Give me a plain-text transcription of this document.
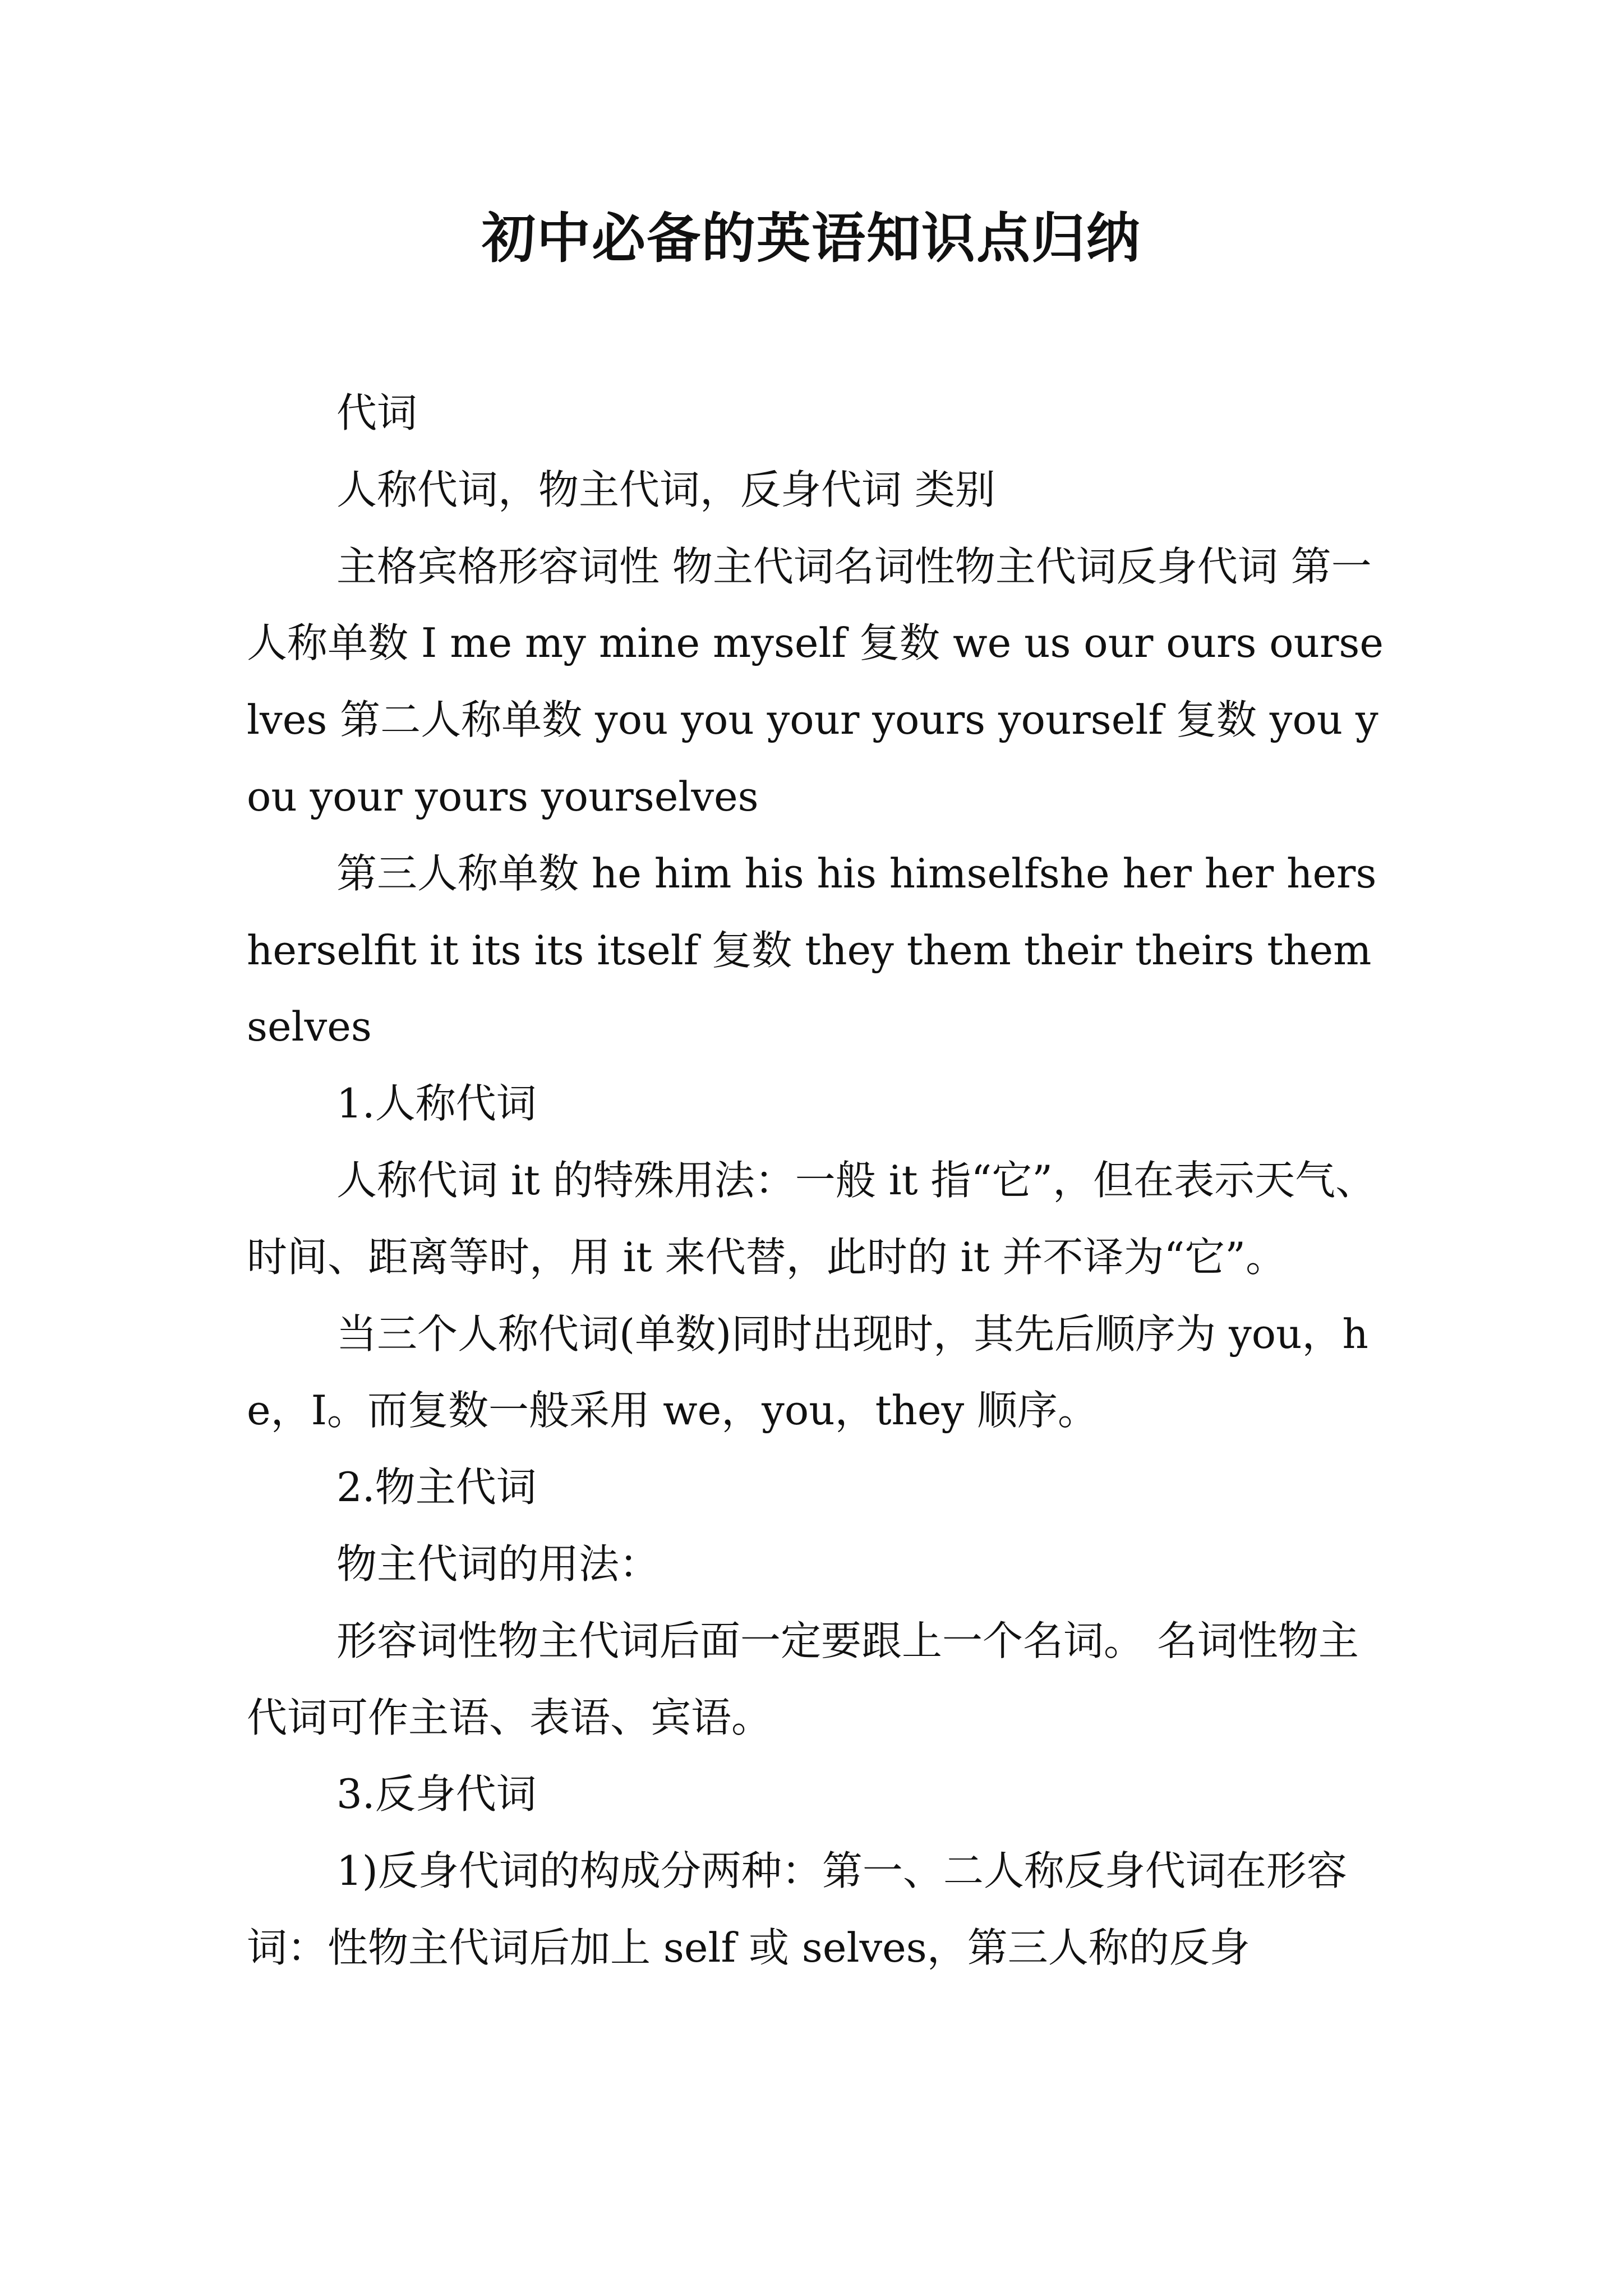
初中必备的英语知识点归纳

代词

人称代词，物主代词，反身代词 类别

主格宾格形容词性 物主代词名词性物主代词反身代词 第一人称单数 I me my mine myself 复数 we us our ours ourselves 第二人称单数 you you your yours yourself 复数 you you your yours yourselves

第三人称单数 he him his his himselfshe her her hers herselfit it its its itself 复数 they them their theirs themselves

1.人称代词

人称代词 it 的特殊用法：一般 it 指“它”，但在表示天气、时间、距离等时，用 it 来代替，此时的 it 并不译为“它”。

当三个人称代词(单数)同时出现时，其先后顺序为 you，he，I。而复数一般采用 we，you，they 顺序。

2.物主代词

物主代词的用法：

形容词性物主代词后面一定要跟上一个名词。 名词性物主代词可作主语、表语、宾语。

3.反身代词

1)反身代词的构成分两种：第一、二人称反身代词在形容词：性物主代词后加上 self 或 selves，第三人称的反身
